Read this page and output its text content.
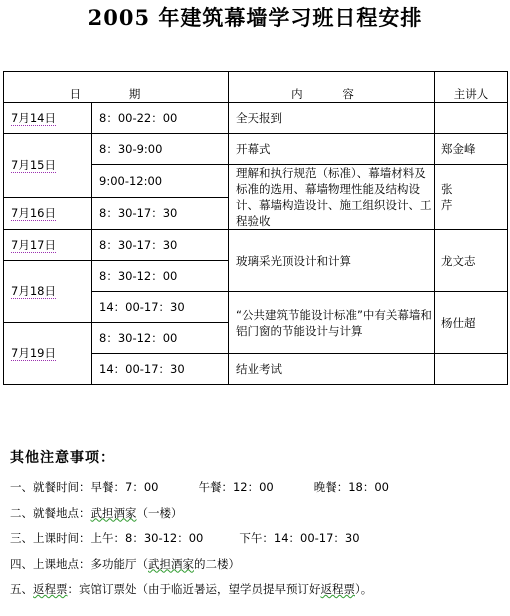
2005 年建筑幕墙学习班日程安排
日 期		内 容	主讲人
7月14日	8：00-22：00	全天报到	
7月15日	8：30-9:00	开幕式	郑金峰
	9:00-12:00	理解和执行规范（标准）、幕墙材料及标准的选用、幕墙物理性能及结构设计、幕墙构造设计、施工组织设计、工程验收	张 芹
7月16日	8：30-17：30		
7月17日	8：30-17：30	玻璃采光顶设计和计算	龙文志
7月18日	8：30-12：00		
	14：00-17：30	“公共建筑节能设计标准”中有关幕墙和铝门窗的节能设计与计算	杨仕超
7月19日	8：30-12：00		
	14：00-17：30	结业考试	
其他注意事项：
一、就餐时间：早餐：7：00	午餐：12：00	晚餐：18：00
二、就餐地点：武担酒家（一楼）
三、上课时间：上午：8：30-12：00	下午：14：00-17：30
四、上课地点：多功能厅（武担酒家的二楼）
五、返程票：宾馆订票处（由于临近暑运，望学员提早预订好返程票）。
